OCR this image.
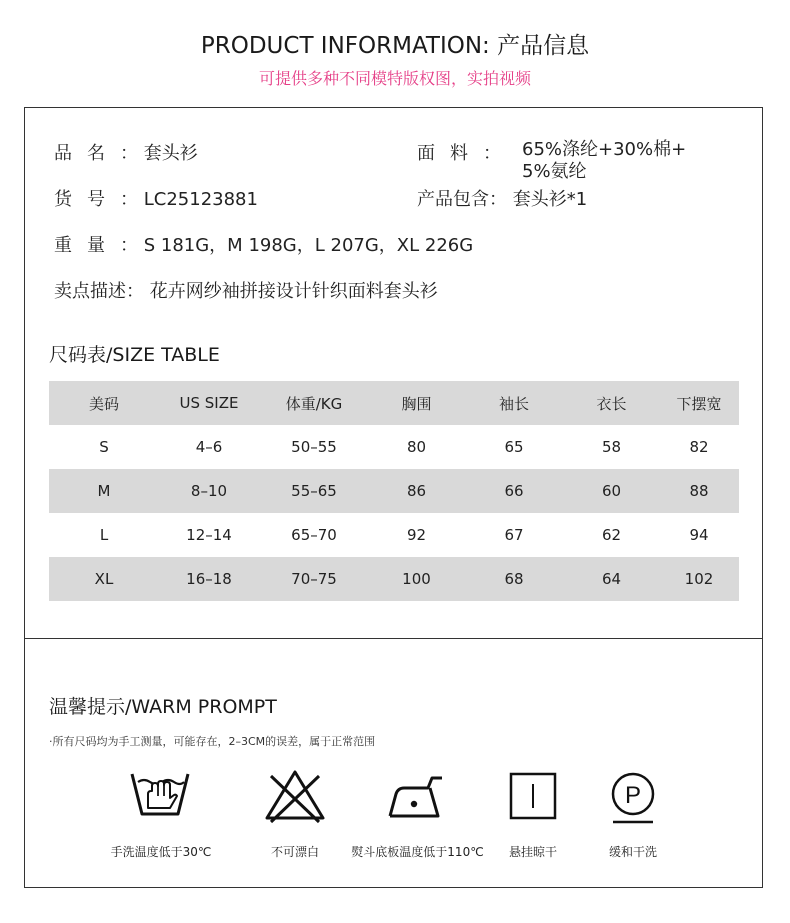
PRODUCT INFORMATION: 产品信息
可提供多种不同模特版权图，实拍视频
品名： 套头衫	面料： 65%涤纶+30%棉+
5%氨纶
货号： LC25123881	产品包含： 套头衫*1
重量： S 181G，M 198G，L 207G，XL 226G
卖点描述： 花卉网纱袖拼接设计针织面料套头衫
尺码表/SIZE TABLE
美码	US SIZE	体重/KG	胸围	袖长	衣长	下摆宽
S	4–6	50–55	80	65	58	82
M	8–10	55–65	86	66	60	88
L	12–14	65–70	92	67	62	94
XL	16–18	70–75	100	68	64	102
温馨提示/WARM PROMPT
·所有尺码均为手工测量，可能存在，2–3CM的误差，属于正常范围
手洗温度低于30℃	不可漂白	熨斗底板温度低于110℃	悬挂晾干
P
缓和干洗
